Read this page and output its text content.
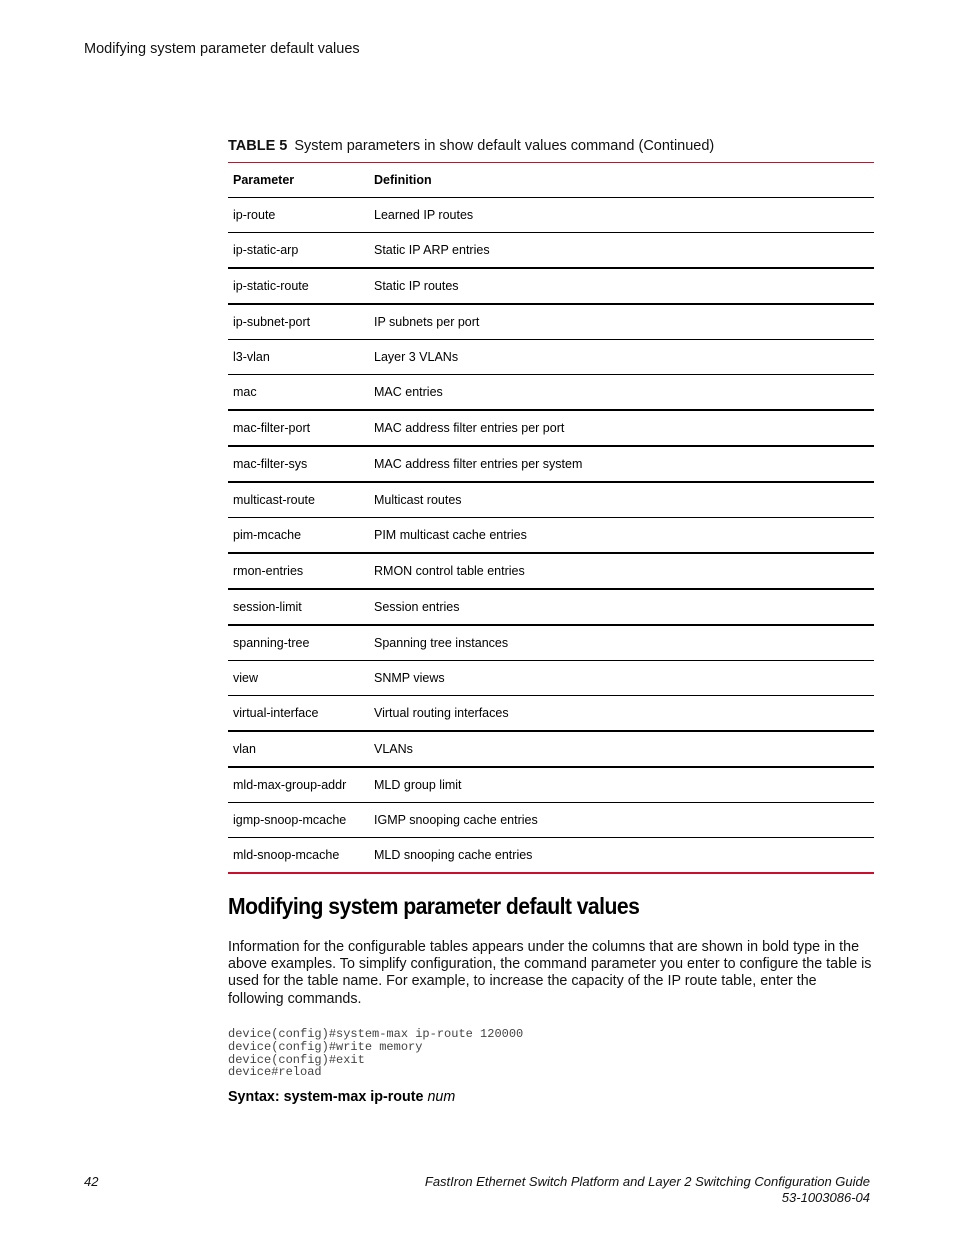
Modifying system parameter default values
TABLE 5 System parameters in show default values command (Continued)
Parameter	Definition
ip-route	Learned IP routes
ip-static-arp	Static IP ARP entries
ip-static-route	Static IP routes
ip-subnet-port	IP subnets per port
l3-vlan	Layer 3 VLANs
mac	MAC entries
mac-filter-port	MAC address filter entries per port
mac-filter-sys	MAC address filter entries per system
multicast-route	Multicast routes
pim-mcache	PIM multicast cache entries
rmon-entries	RMON control table entries
session-limit	Session entries
spanning-tree	Spanning tree instances
view	SNMP views
virtual-interface	Virtual routing interfaces
vlan	VLANs
mld-max-group-addr	MLD group limit
igmp-snoop-mcache	IGMP snooping cache entries
mld-snoop-mcache	MLD snooping cache entries
Modifying system parameter default values

Information for the configurable tables appears under the columns that are shown in bold type in the above examples. To simplify configuration, the command parameter you enter to configure the table is used for the table name. For example, to increase the capacity of the IP route table, enter the following commands.

device(config)#system-max ip-route 120000
device(config)#write memory
device(config)#exit
device#reload
Syntax: system-max ip-route num
42	FastIron Ethernet Switch Platform and Layer 2 Switching Configuration Guide
53-1003086-04
